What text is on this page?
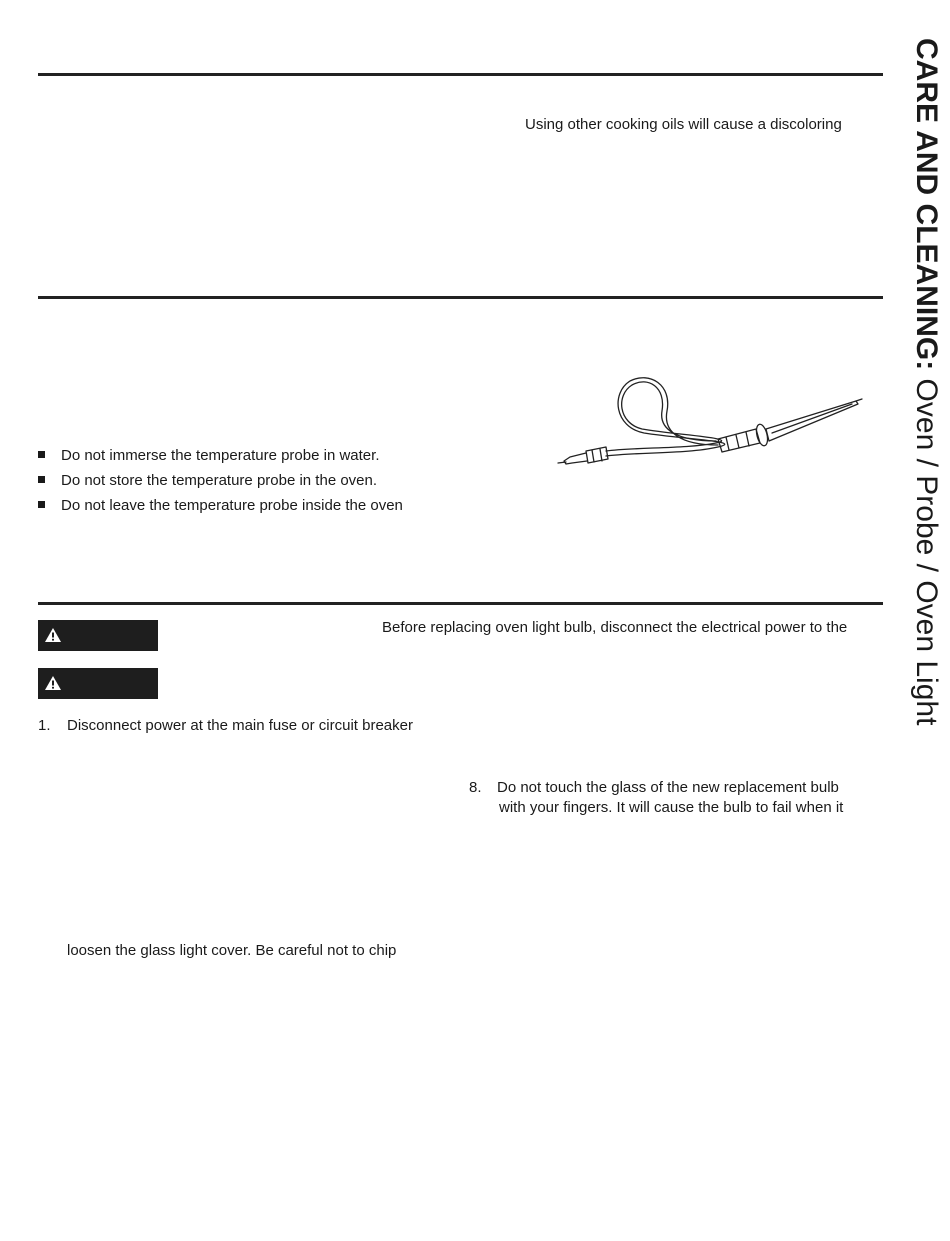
CARE AND CLEANING: Oven / Probe / Oven Light
Using other cooking oils will cause a discoloring
Do not immerse the temperature probe in water.
Do not store the temperature probe in the oven.
Do not leave the temperature probe inside the oven
Before replacing oven light bulb, disconnect the electrical power to the
1. Disconnect power at the main fuse or circuit breaker
8. Do not touch the glass of the new replacement bulb
with your fingers. It will cause the bulb to fail when it
loosen the glass light cover. Be careful not to chip
